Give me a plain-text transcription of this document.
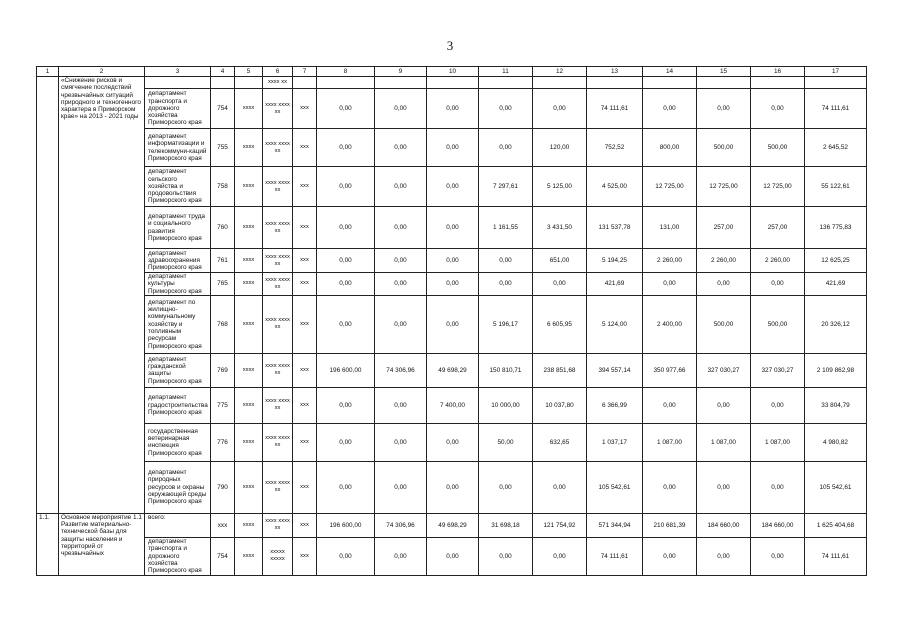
3
1	2	3	4	5	6	7	8	9	10	11	12	13	14	15	16	17
	«Снижение рисков и смягчение последствий чрезвычайных ситуаций природного и техногенного характера в Приморском крае» на 2013 - 2021 годы				xxxx xx											
		департамент транспорта и дорожного хозяйства Приморского края	754	xxxx	xxxx xxxx xx	xxx	0,00	0,00	0,00	0,00	0,00	74 111,61	0,00	0,00	0,00	74 111,61
		департамент информатизации и телекоммуни-каций Приморского края	755	xxxx	xxxx xxxx xx	xxx	0,00	0,00	0,00	0,00	120,00	752,52	800,00	500,00	500,00	2 645,52
		департамент сельского хозяйства и продовольствия Приморского края	758	xxxx	xxxx xxxx xx	xxx	0,00	0,00	0,00	7 297,61	5 125,00	4 525,00	12 725,00	12 725,00	12 725,00	55 122,61
		департамент труда и социального развития Приморского края	760	xxxx	xxxx xxxx xx	xxx	0,00	0,00	0,00	1 161,55	3 431,50	131 537,78	131,00	257,00	257,00	136 775,83
		департамент здравоохранения Приморского края	761	xxxx	xxxx xxxx xx	xxx	0,00	0,00	0,00	0,00	651,00	5 194,25	2 260,00	2 260,00	2 260,00	12 625,25
		департамент культуры Приморского края	765	xxxx	xxxx xxxx xx	xxx	0,00	0,00	0,00	0,00	0,00	421,69	0,00	0,00	0,00	421,69
		департамент по жилищно-коммунальному хозяйству и топливным ресурсам Приморского края	768	xxxx	xxxx xxxx xx	xxx	0,00	0,00	0,00	5 196,17	6 605,95	5 124,00	2 400,00	500,00	500,00	20 326,12
		департамент гражданской защиты Приморского края	769	xxxx	xxxx xxxx xx	xxx	196 600,00	74 306,96	49 698,29	150 810,71	238 851,68	394 557,14	350 977,66	327 030,27	327 030,27	2 109 862,98
		департамент градостроительства Приморского края	775	xxxx	xxxx xxxx xx	xxx	0,00	0,00	7 400,00	10 000,00	10 037,80	6 366,99	0,00	0,00	0,00	33 804,79
		государственная ветеринарная инспекция Приморского края	776	xxxx	xxxx xxxx xx	xxx	0,00	0,00	0,00	50,00	632,65	1 037,17	1 087,00	1 087,00	1 087,00	4 980,82
		департамент природных ресурсов и охраны окружающей среды Приморского края	790	xxxx	xxxx xxxx xx	xxx	0,00	0,00	0,00	0,00	0,00	105 542,61	0,00	0,00	0,00	105 542,61
1.1.	Основное мероприятие 1.1 Развитие материально-технической базы для защиты населения и территорий от чрезвычайных	всего:	xxx	xxxx	xxxx xxxx xx	xxx	196 600,00	74 306,96	49 698,29	31 698,18	121 754,92	571 344,94	210 681,39	184 660,00	184 660,00	1 625 404,68
		департамент транспорта и дорожного хозяйства Приморского края	754	xxxx	xxxxx xxxxx	xxx	0,00	0,00	0,00	0,00	0,00	74 111,61	0,00	0,00	0,00	74 111,61
